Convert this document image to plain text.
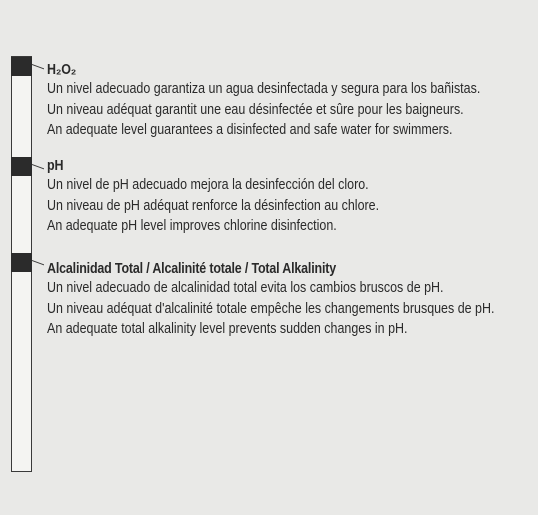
H₂O₂
Un nivel adecuado garantiza un agua desinfectada y segura para los bañistas.
Un niveau adéquat garantit une eau désinfectée et sûre pour les baigneurs.
An adequate level guarantees a disinfected and safe water for swimmers.
pH
Un nivel de pH adecuado mejora la desinfección del cloro.
Un niveau de pH adéquat renforce la désinfection au chlore.
An adequate pH level improves chlorine disinfection.
Alcalinidad Total / Alcalinité totale / Total Alkalinity
Un nivel adecuado de alcalinidad total evita los cambios bruscos de pH.
Un niveau adéquat d'alcalinité totale empêche les changements brusques de pH.
An adequate total alkalinity level prevents sudden changes in pH.
